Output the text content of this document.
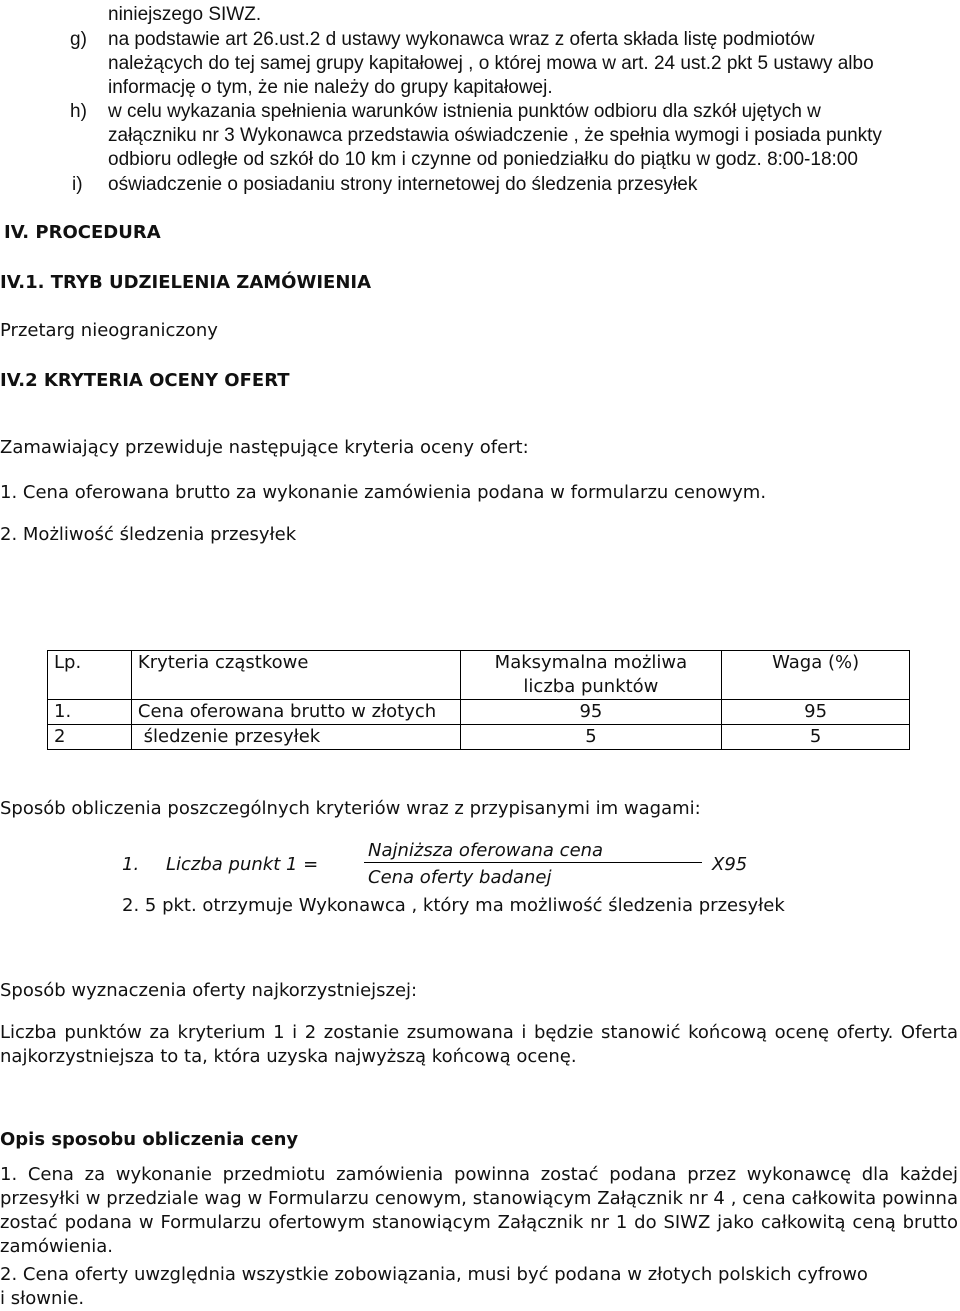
niniejszego SIWZ.
g) na podstawie art 26.ust.2 d ustawy wykonawca wraz z oferta składa listę podmiotów
należących do tej samej grupy kapitałowej , o której mowa w art. 24 ust.2 pkt 5 ustawy albo
informację o tym, że nie należy do grupy kapitałowej.
h) w celu wykazania spełnienia warunków istnienia punktów odbioru dla szkół ujętych w
załączniku nr 3 Wykonawca przedstawia oświadczenie , że spełnia wymogi i posiada punkty
odbioru odległe od szkół do 10 km i czynne od poniedziałku do piątku w godz. 8:00-18:00
i) oświadczenie o posiadaniu strony internetowej do śledzenia przesyłek
IV. PROCEDURA
IV.1. TRYB UDZIELENIA ZAMÓWIENIA
Przetarg nieograniczony
IV.2 KRYTERIA OCENY OFERT
Zamawiający przewiduje następujące kryteria oceny ofert:
1. Cena oferowana brutto za wykonanie zamówienia podana w formularzu cenowym.
2. Możliwość śledzenia przesyłek
Lp.	Kryteria cząstkowe	Maksymalna możliwa liczba punktów	Waga (%)
1.	Cena oferowana brutto w złotych	95	95
2	śledzenie przesyłek	5	5
Sposób obliczenia poszczególnych kryteriów wraz z przypisanymi im wagami:
1. Liczba punkt 1 =
Najniższa oferowana cena
Cena oferty badanej
X95
2. 5 pkt. otrzymuje Wykonawca , który ma możliwość śledzenia przesyłek
Sposób wyznaczenia oferty najkorzystniejszej:
Liczba punktów za kryterium 1 i 2 zostanie zsumowana i będzie stanowić końcową ocenę oferty. Oferta
najkorzystniejsza to ta, która uzyska najwyższą końcową ocenę.
Opis sposobu obliczenia ceny
1. Cena za wykonanie przedmiotu zamówienia powinna zostać podana przez wykonawcę dla każdej
przesyłki w przedziale wag w Formularzu cenowym, stanowiącym Załącznik nr 4 , cena całkowita powinna
zostać podana w Formularzu ofertowym stanowiącym Załącznik nr 1 do SIWZ jako całkowitą ceną brutto
zamówienia.
2. Cena oferty uwzględnia wszystkie zobowiązania, musi być podana w złotych polskich cyfrowo
i słownie.
